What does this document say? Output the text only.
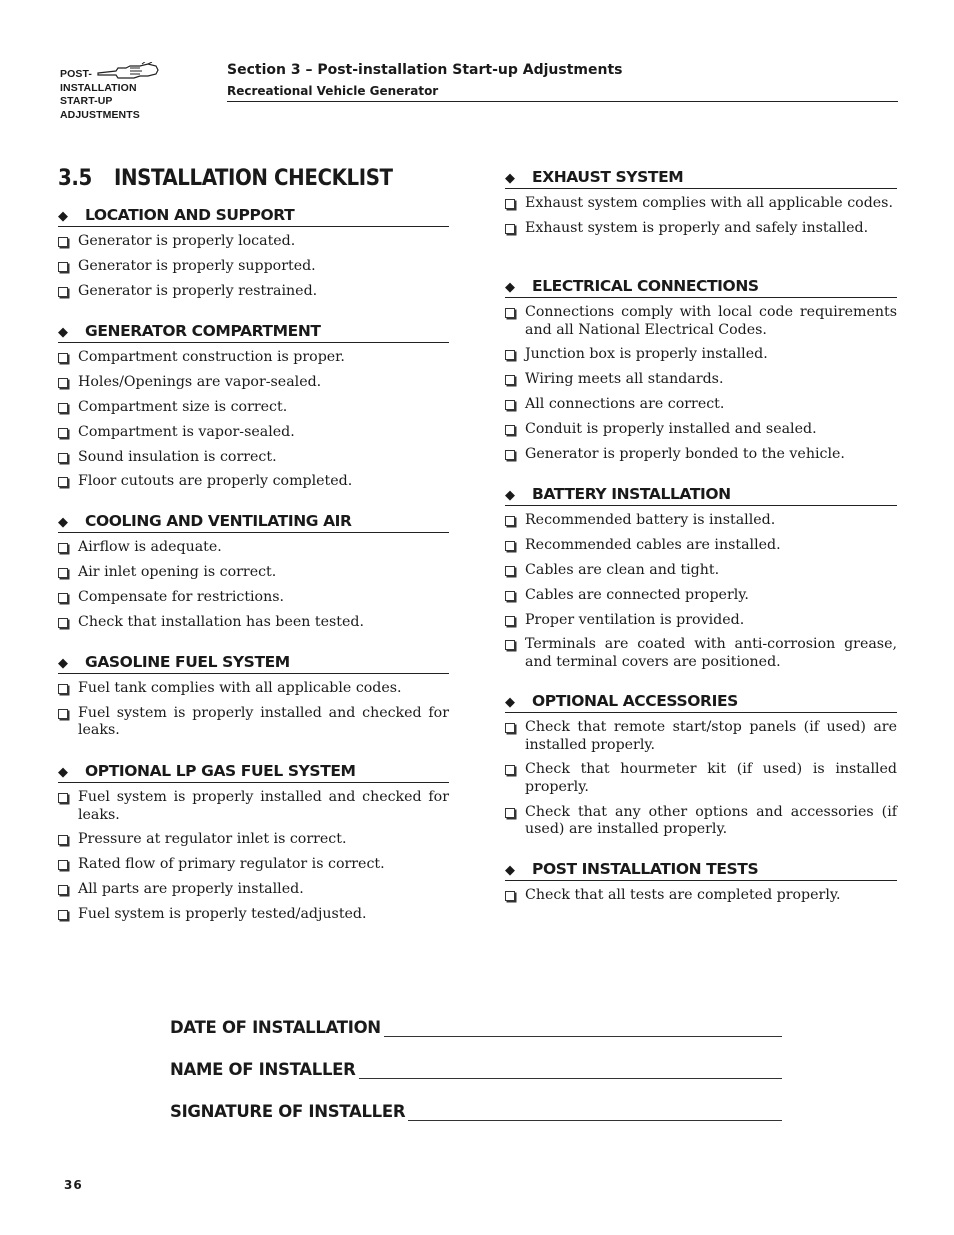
POST-
INSTALLATION
START-UP
ADJUSTMENTS
Section 3 – Post-installation Start-up Adjustments
Recreational Vehicle Generator
3.5 INSTALLATION CHECKLIST
◆ LOCATION AND SUPPORT
Generator is properly located.
Generator is properly supported.
Generator is properly restrained.
◆ GENERATOR COMPARTMENT
Compartment construction is proper.
Holes/Openings are vapor-sealed.
Compartment size is correct.
Compartment is vapor-sealed.
Sound insulation is correct.
Floor cutouts are properly completed.
◆ COOLING AND VENTILATING AIR
Airflow is adequate.
Air inlet opening is correct.
Compensate for restrictions.
Check that installation has been tested.
◆ GASOLINE FUEL SYSTEM
Fuel tank complies with all applicable codes.
Fuel system is properly installed and checked for leaks.
◆ OPTIONAL LP GAS FUEL SYSTEM
Fuel system is properly installed and checked for leaks.
Pressure at regulator inlet is correct.
Rated flow of primary regulator is correct.
All parts are properly installed.
Fuel system is properly tested/adjusted.
◆ EXHAUST SYSTEM
Exhaust system complies with all applicable codes.
Exhaust system is properly and safely installed.
◆ ELECTRICAL CONNECTIONS
Connections comply with local code requirements and all National Electrical Codes.
Junction box is properly installed.
Wiring meets all standards.
All connections are correct.
Conduit is properly installed and sealed.
Generator is properly bonded to the vehicle.
◆ BATTERY INSTALLATION
Recommended battery is installed.
Recommended cables are installed.
Cables are clean and tight.
Cables are connected properly.
Proper ventilation is provided.
Terminals are coated with anti-corrosion grease, and terminal covers are positioned.
◆ OPTIONAL ACCESSORIES
Check that remote start/stop panels (if used) are installed properly.
Check that hourmeter kit (if used) is installed properly.
Check that any other options and accessories (if used) are installed properly.
◆ POST INSTALLATION TESTS
Check that all tests are completed properly.
DATE OF INSTALLATION
NAME OF INSTALLER
SIGNATURE OF INSTALLER
36
